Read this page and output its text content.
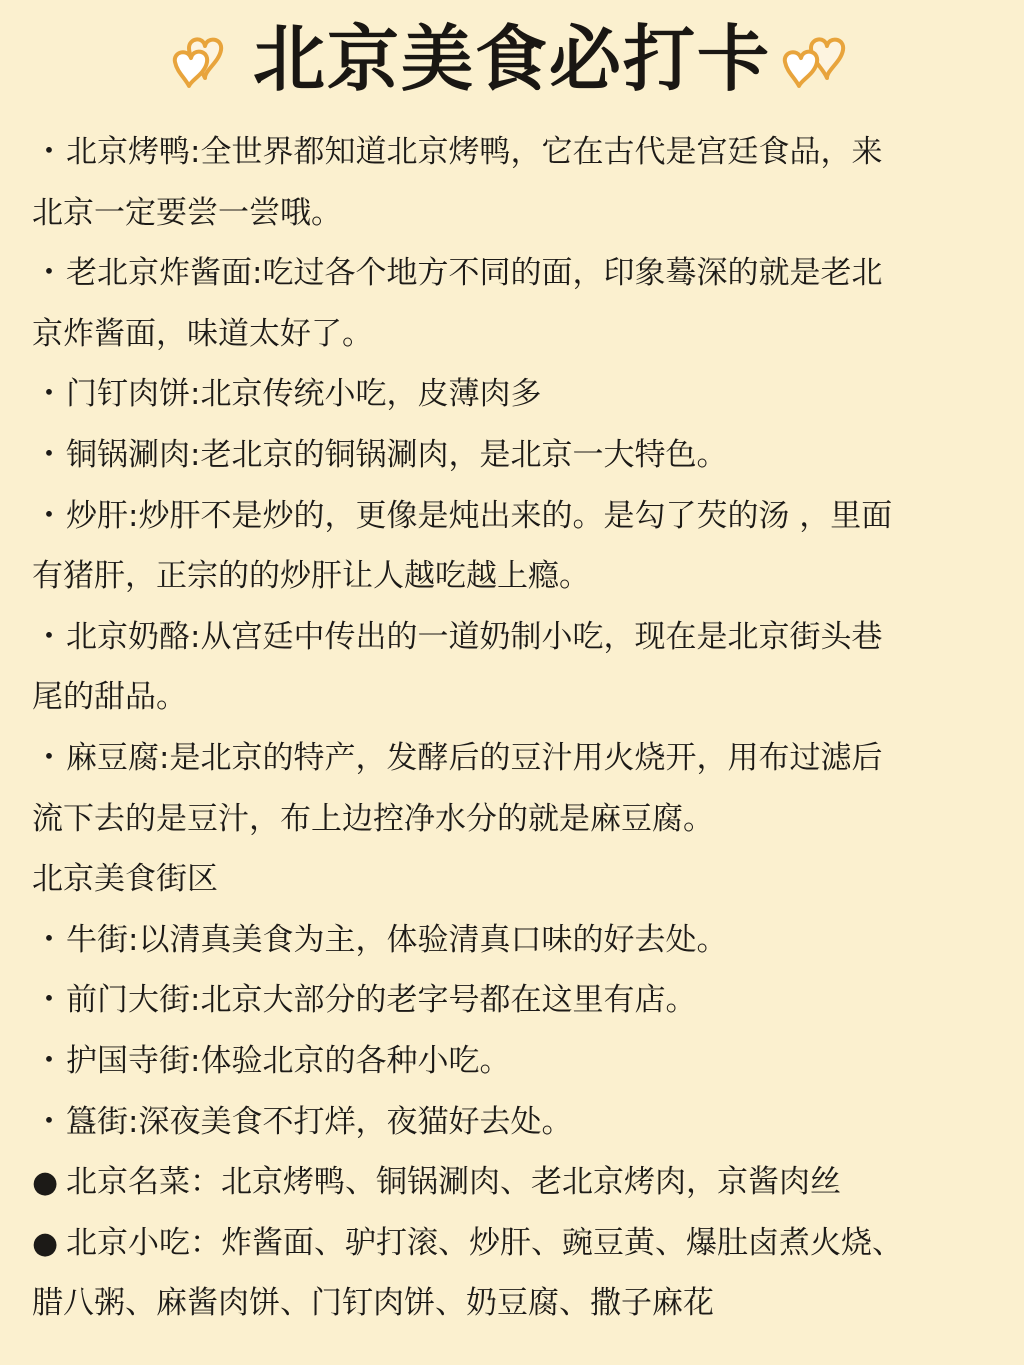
北京美食必打卡
・北京烤鸭:全世界都知道北京烤鸭，它在古代是宫廷食品，来
北京一定要尝一尝哦。
・老北京炸酱面:吃过各个地方不同的面，印象蓦深的就是老北
京炸酱面，味道太好了。
・门钉肉饼:北京传统小吃，皮薄肉多
・铜锅涮肉:老北京的铜锅涮肉，是北京一大特色。
・炒肝:炒肝不是炒的，更像是炖出来的。是勾了芡的汤 ，里面
有猪肝，正宗的的炒肝让人越吃越上瘾。
・北京奶酪:从宫廷中传出的一道奶制小吃，现在是北京街头巷
尾的甜品。
・麻豆腐:是北京的特产，发酵后的豆汁用火烧开，用布过滤后
流下去的是豆汁，布上边控净水分的就是麻豆腐。
北京美食街区
・牛街:以清真美食为主，体验清真口味的好去处。
・前门大街:北京大部分的老字号都在这里有店。
・护国寺街:体验北京的各种小吃。
・簋街:深夜美食不打烊，夜猫好去处。
● 北京名菜：北京烤鸭、铜锅涮肉、老北京烤肉，京酱肉丝
● 北京小吃：炸酱面、驴打滚、炒肝、豌豆黄、爆肚卤煮火烧、
腊八粥、麻酱肉饼、门钉肉饼、奶豆腐、撒子麻花
